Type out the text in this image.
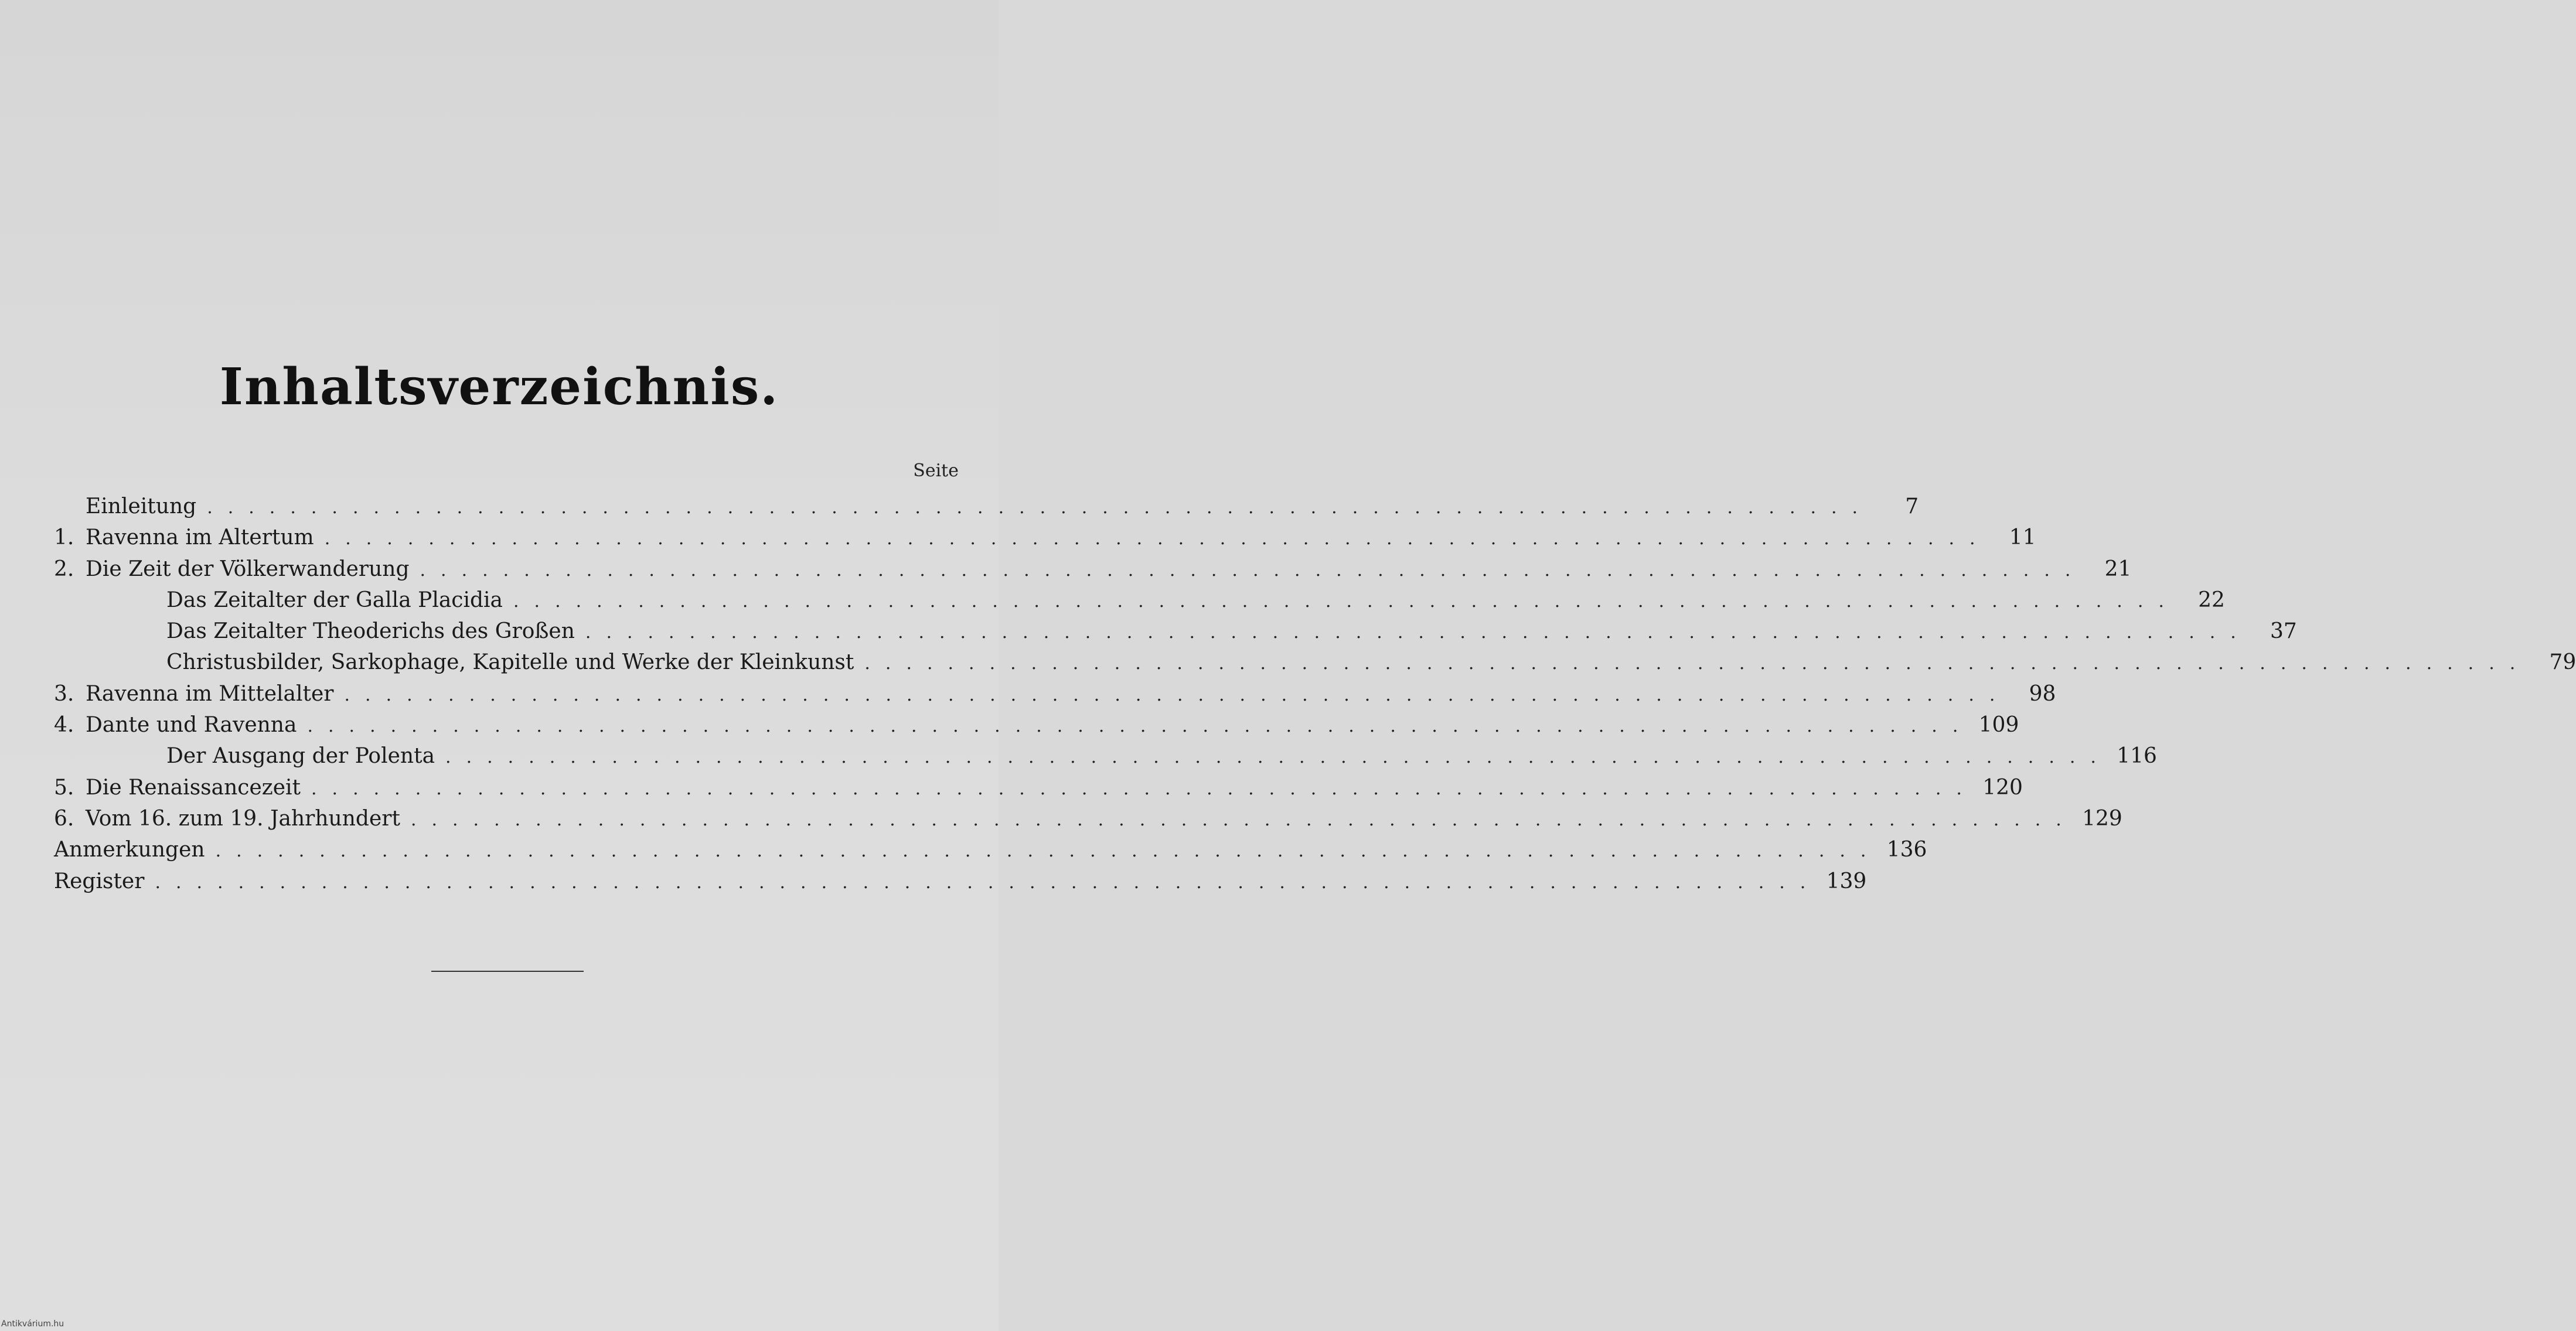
Inhaltsverzeichnis.
Seite
Einleitung ................................................................................	7
1. Ravenna im Altertum ................................................................................ 11
2. Die Zeit der Völkerwanderung ................................................................................ 21
Das Zeitalter der Galla Placidia ................................................................................ 22
Das Zeitalter Theoderichs des Großen ................................................................................ 37
Christusbilder, Sarkophage, Kapitelle und Werke der Kleinkunst ................................................................................ 79
3. Ravenna im Mittelalter ................................................................................ 98
4. Dante und Ravenna ................................................................................ 109
Der Ausgang der Polenta ................................................................................ 116
5. Die Renaissancezeit ................................................................................ 120
6. Vom 16. zum 19. Jahrhundert ................................................................................ 129
Anmerkungen ................................................................................ 136
Register ................................................................................ 139
Antikvárium.hu
